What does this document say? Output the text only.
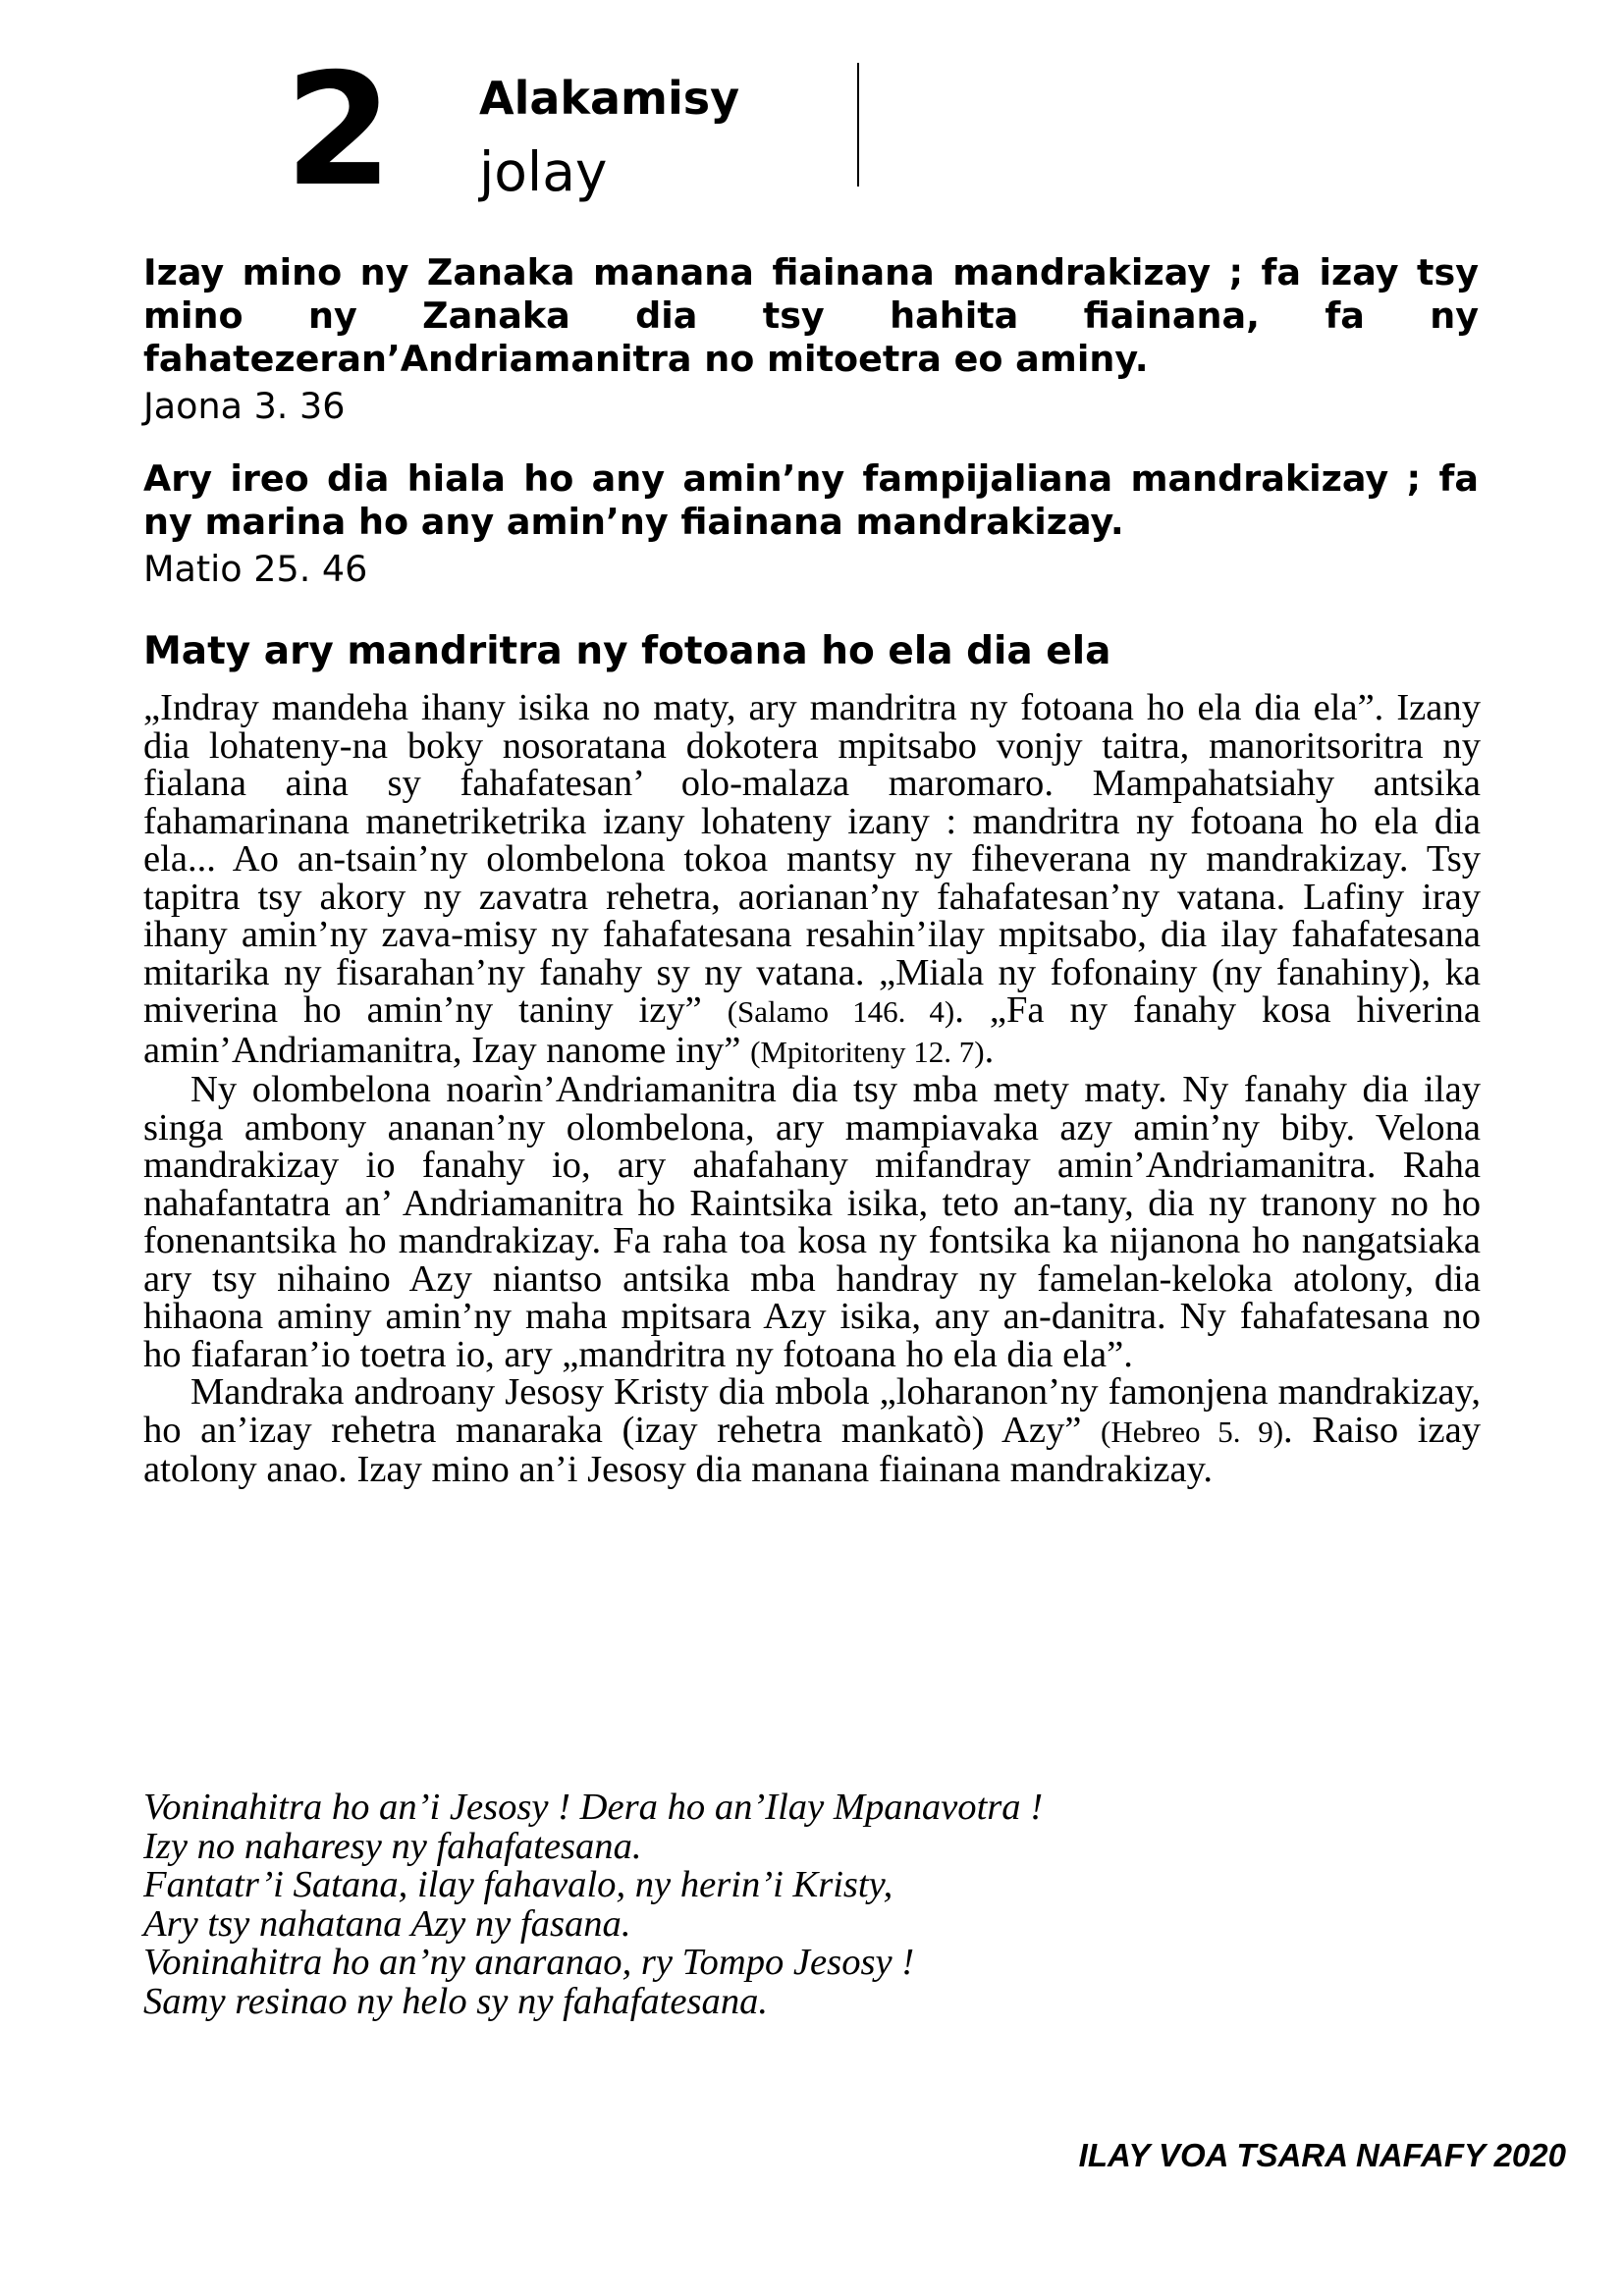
2 Alakamisy
jolay

Izay mino ny Zanaka manana fiainana mandrakizay ; fa izay tsy mino ny Zanaka dia tsy hahita fiainana, fa ny fahatezeran’Andriamanitra no mitoetra eo aminy.

Jaona 3. 36

Ary ireo dia hiala ho any amin’ny fampijaliana mandrakizay ; fa ny marina ho any amin’ny fiainana mandrakizay.

Matio 25. 46

Maty ary mandritra ny fotoana ho ela dia ela

„Indray mandeha ihany isika no maty, ary mandritra ny fotoana ho ela dia ela”. Izany dia lohateny-na boky nosoratana dokotera mpitsabo vonjy taitra, manoritsoritra ny fialana aina sy fahafatesan’ olo-malaza maromaro. Mampahatsiahy antsika fahamarinana manetriketrika izany lohateny izany : mandritra ny fotoana ho ela dia ela... Ao an-tsain’ny olombelona tokoa mantsy ny fiheverana ny mandrakizay. Tsy tapitra tsy akory ny zavatra rehetra, aorianan’ny fahafatesan’ny vatana. Lafiny iray ihany amin’ny zava-misy ny fahafatesana resahin’ilay mpitsabo, dia ilay fahafatesana mitarika ny fisarahan’ny fanahy sy ny vatana. „Miala ny fofonainy (ny fanahiny), ka miverina ho amin’ny taniny izy” (Salamo 146. 4). „Fa ny fanahy kosa hiverina amin’Andriamanitra, Izay nanome iny” (Mpitoriteny 12. 7).

Ny olombelona noarìn’Andriamanitra dia tsy mba mety maty. Ny fanahy dia ilay singa ambony ananan’ny olombelona, ary mampiavaka azy amin’ny biby. Velona mandrakizay io fanahy io, ary ahafahany mifandray amin’Andriamanitra. Raha nahafantatra an’ Andriamanitra ho Raintsika isika, teto an-tany, dia ny tranony no ho fonenantsika ho mandrakizay. Fa raha toa kosa ny fontsika ka nijanona ho nangatsiaka ary tsy nihaino Azy niantso antsika mba handray ny famelan-keloka atolony, dia hihaona aminy amin’ny maha mpitsara Azy isika, any an-danitra. Ny fahafatesana no ho fiafaran’io toetra io, ary „mandritra ny fotoana ho ela dia ela”.

Mandraka androany Jesosy Kristy dia mbola „loharanon’ny famonjena mandrakizay, ho an’izay rehetra manaraka (izay rehetra mankatò) Azy” (Hebreo 5. 9). Raiso izay atolony anao. Izay mino an’i Jesosy dia manana fiainana mandrakizay.

Voninahitra ho an’i Jesosy ! Dera ho an’Ilay Mpanavotra !
Izy no naharesy ny fahafatesana.
Fantatr’i Satana, ilay fahavalo, ny herin’i Kristy,
Ary tsy nahatana Azy ny fasana.
Voninahitra ho an’ny anaranao, ry Tompo Jesosy !
Samy resinao ny helo sy ny fahafatesana.
ILAY VOA TSARA NAFAFY 2020
